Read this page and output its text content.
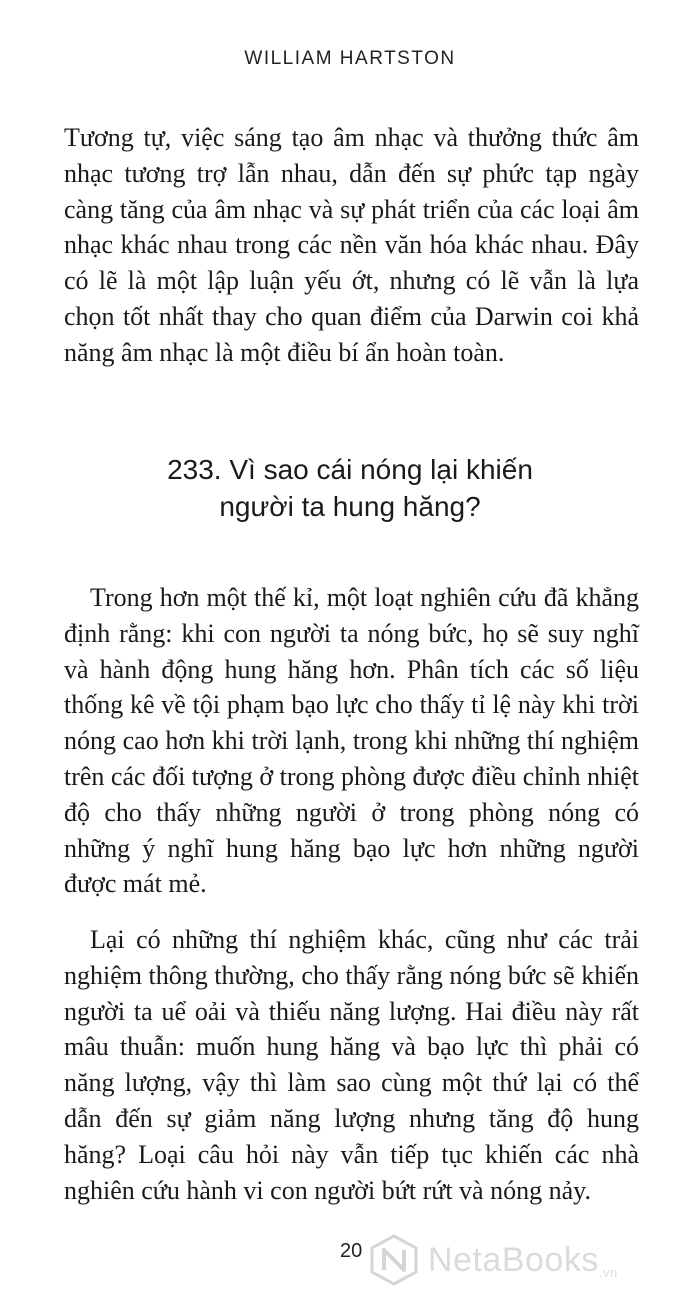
WILLIAM HARTSTON

Tương tự, việc sáng tạo âm nhạc và thưởng thức âm nhạc tương trợ lẫn nhau, dẫn đến sự phức tạp ngày càng tăng của âm nhạc và sự phát triển của các loại âm nhạc khác nhau trong các nền văn hóa khác nhau. Đây có lẽ là một lập luận yếu ớt, nhưng có lẽ vẫn là lựa chọn tốt nhất thay cho quan điểm của Darwin coi khả năng âm nhạc là một điều bí ẩn hoàn toàn.

233. Vì sao cái nóng lại khiến
người ta hung hăng?

Trong hơn một thế kỉ, một loạt nghiên cứu đã khẳng định rằng: khi con người ta nóng bức, họ sẽ suy nghĩ và hành động hung hăng hơn. Phân tích các số liệu thống kê về tội phạm bạo lực cho thấy tỉ lệ này khi trời nóng cao hơn khi trời lạnh, trong khi những thí nghiệm trên các đối tượng ở trong phòng được điều chỉnh nhiệt độ cho thấy những người ở trong phòng nóng có những ý nghĩ hung hăng bạo lực hơn những người được mát mẻ.

Lại có những thí nghiệm khác, cũng như các trải nghiệm thông thường, cho thấy rằng nóng bức sẽ khiến người ta uể oải và thiếu năng lượng. Hai điều này rất mâu thuẫn: muốn hung hăng và bạo lực thì phải có năng lượng, vậy thì làm sao cùng một thứ lại có thể dẫn đến sự giảm năng lượng nhưng tăng độ hung hăng? Loại câu hỏi này vẫn tiếp tục khiến các nhà nghiên cứu hành vi con người bứt rứt và nóng nảy.

20 NetaBooks.vn
